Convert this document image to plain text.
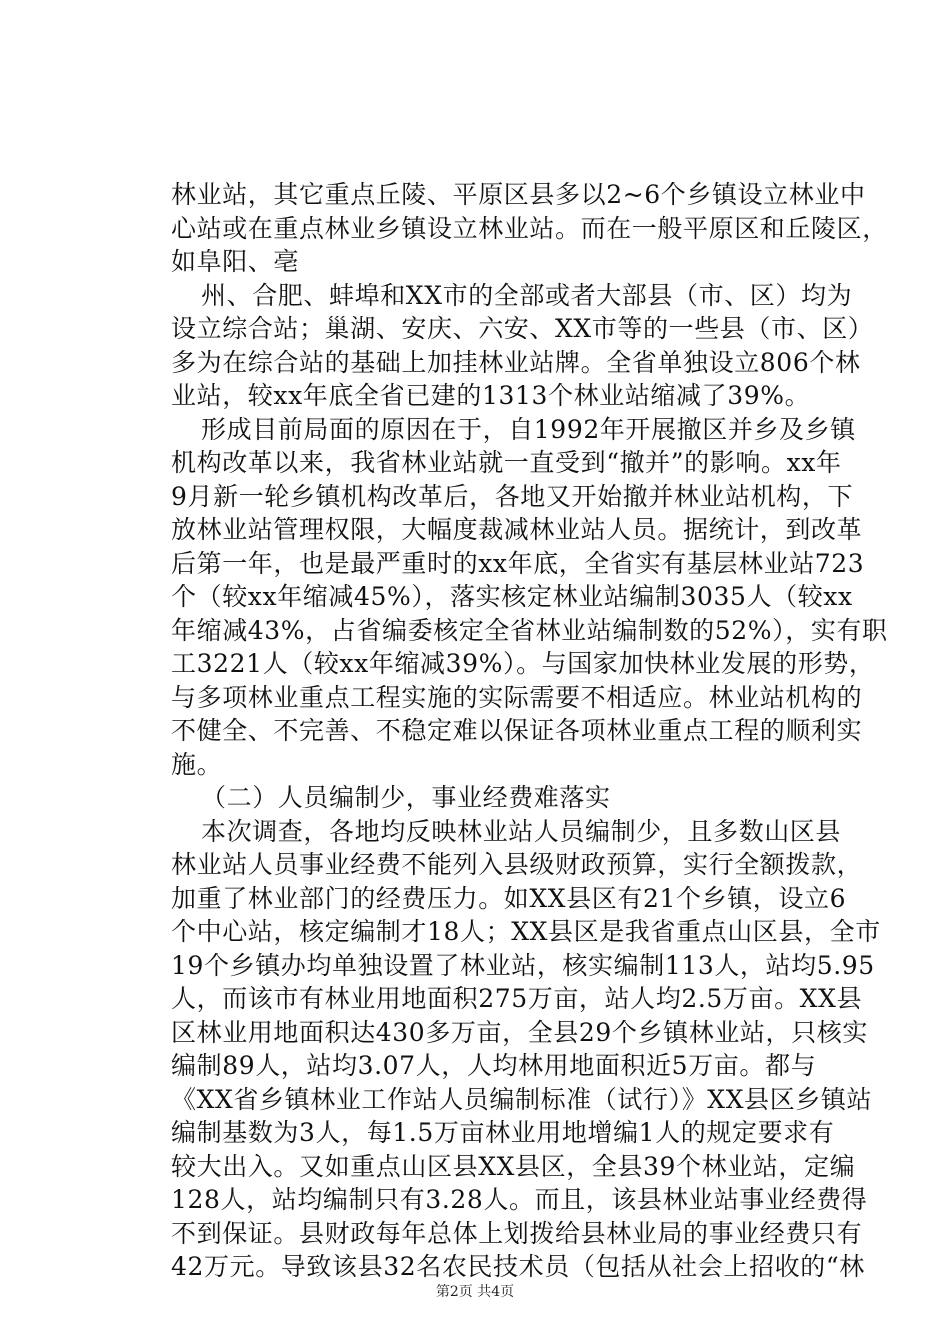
林业站，其它重点丘陵、平原区县多以2~6个乡镇设立林业中
心站或在重点林业乡镇设立林业站。而在一般平原区和丘陵区，
如阜阳、亳
州、合肥、蚌埠和XX市的全部或者大部县（市、区）均为
设立综合站；巢湖、安庆、六安、XX市等的一些县（市、区）
多为在综合站的基础上加挂林业站牌。全省单独设立806个林
业站，较xx年底全省已建的1313个林业站缩减了39%。
形成目前局面的原因在于，自1992年开展撤区并乡及乡镇
机构改革以来，我省林业站就一直受到“撤并”的影响。xx年
9月新一轮乡镇机构改革后，各地又开始撤并林业站机构，下
放林业站管理权限，大幅度裁减林业站人员。据统计，到改革
后第一年，也是最严重时的xx年底，全省实有基层林业站723
个（较xx年缩减45%），落实核定林业站编制3035人（较xx
年缩减43%，占省编委核定全省林业站编制数的52%），实有职
工3221人（较xx年缩减39%）。与国家加快林业发展的形势，
与多项林业重点工程实施的实际需要不相适应。林业站机构的
不健全、不完善、不稳定难以保证各项林业重点工程的顺利实
施。
（二）人员编制少，事业经费难落实
本次调查，各地均反映林业站人员编制少，且多数山区县
林业站人员事业经费不能列入县级财政预算，实行全额拨款，
加重了林业部门的经费压力。如XX县区有21个乡镇，设立6
个中心站，核定编制才18人；XX县区是我省重点山区县，全市
19个乡镇办均单独设置了林业站，核实编制113人，站均5.95
人，而该市有林业用地面积275万亩，站人均2.5万亩。XX县
区林业用地面积达430多万亩，全县29个乡镇林业站，只核实
编制89人，站均3.07人，人均林用地面积近5万亩。都与
《XX省乡镇林业工作站人员编制标准（试行）》XX县区乡镇站
编制基数为3人，每1.5万亩林业用地增编1人的规定要求有
较大出入。又如重点山区县XX县区，全县39个林业站，定编
128人，站均编制只有3.28人。而且，该县林业站事业经费得
不到保证。县财政每年总体上划拨给县林业局的事业经费只有
42万元。导致该县32名农民技术员（包括从社会上招收的“林
第2页 共4页
